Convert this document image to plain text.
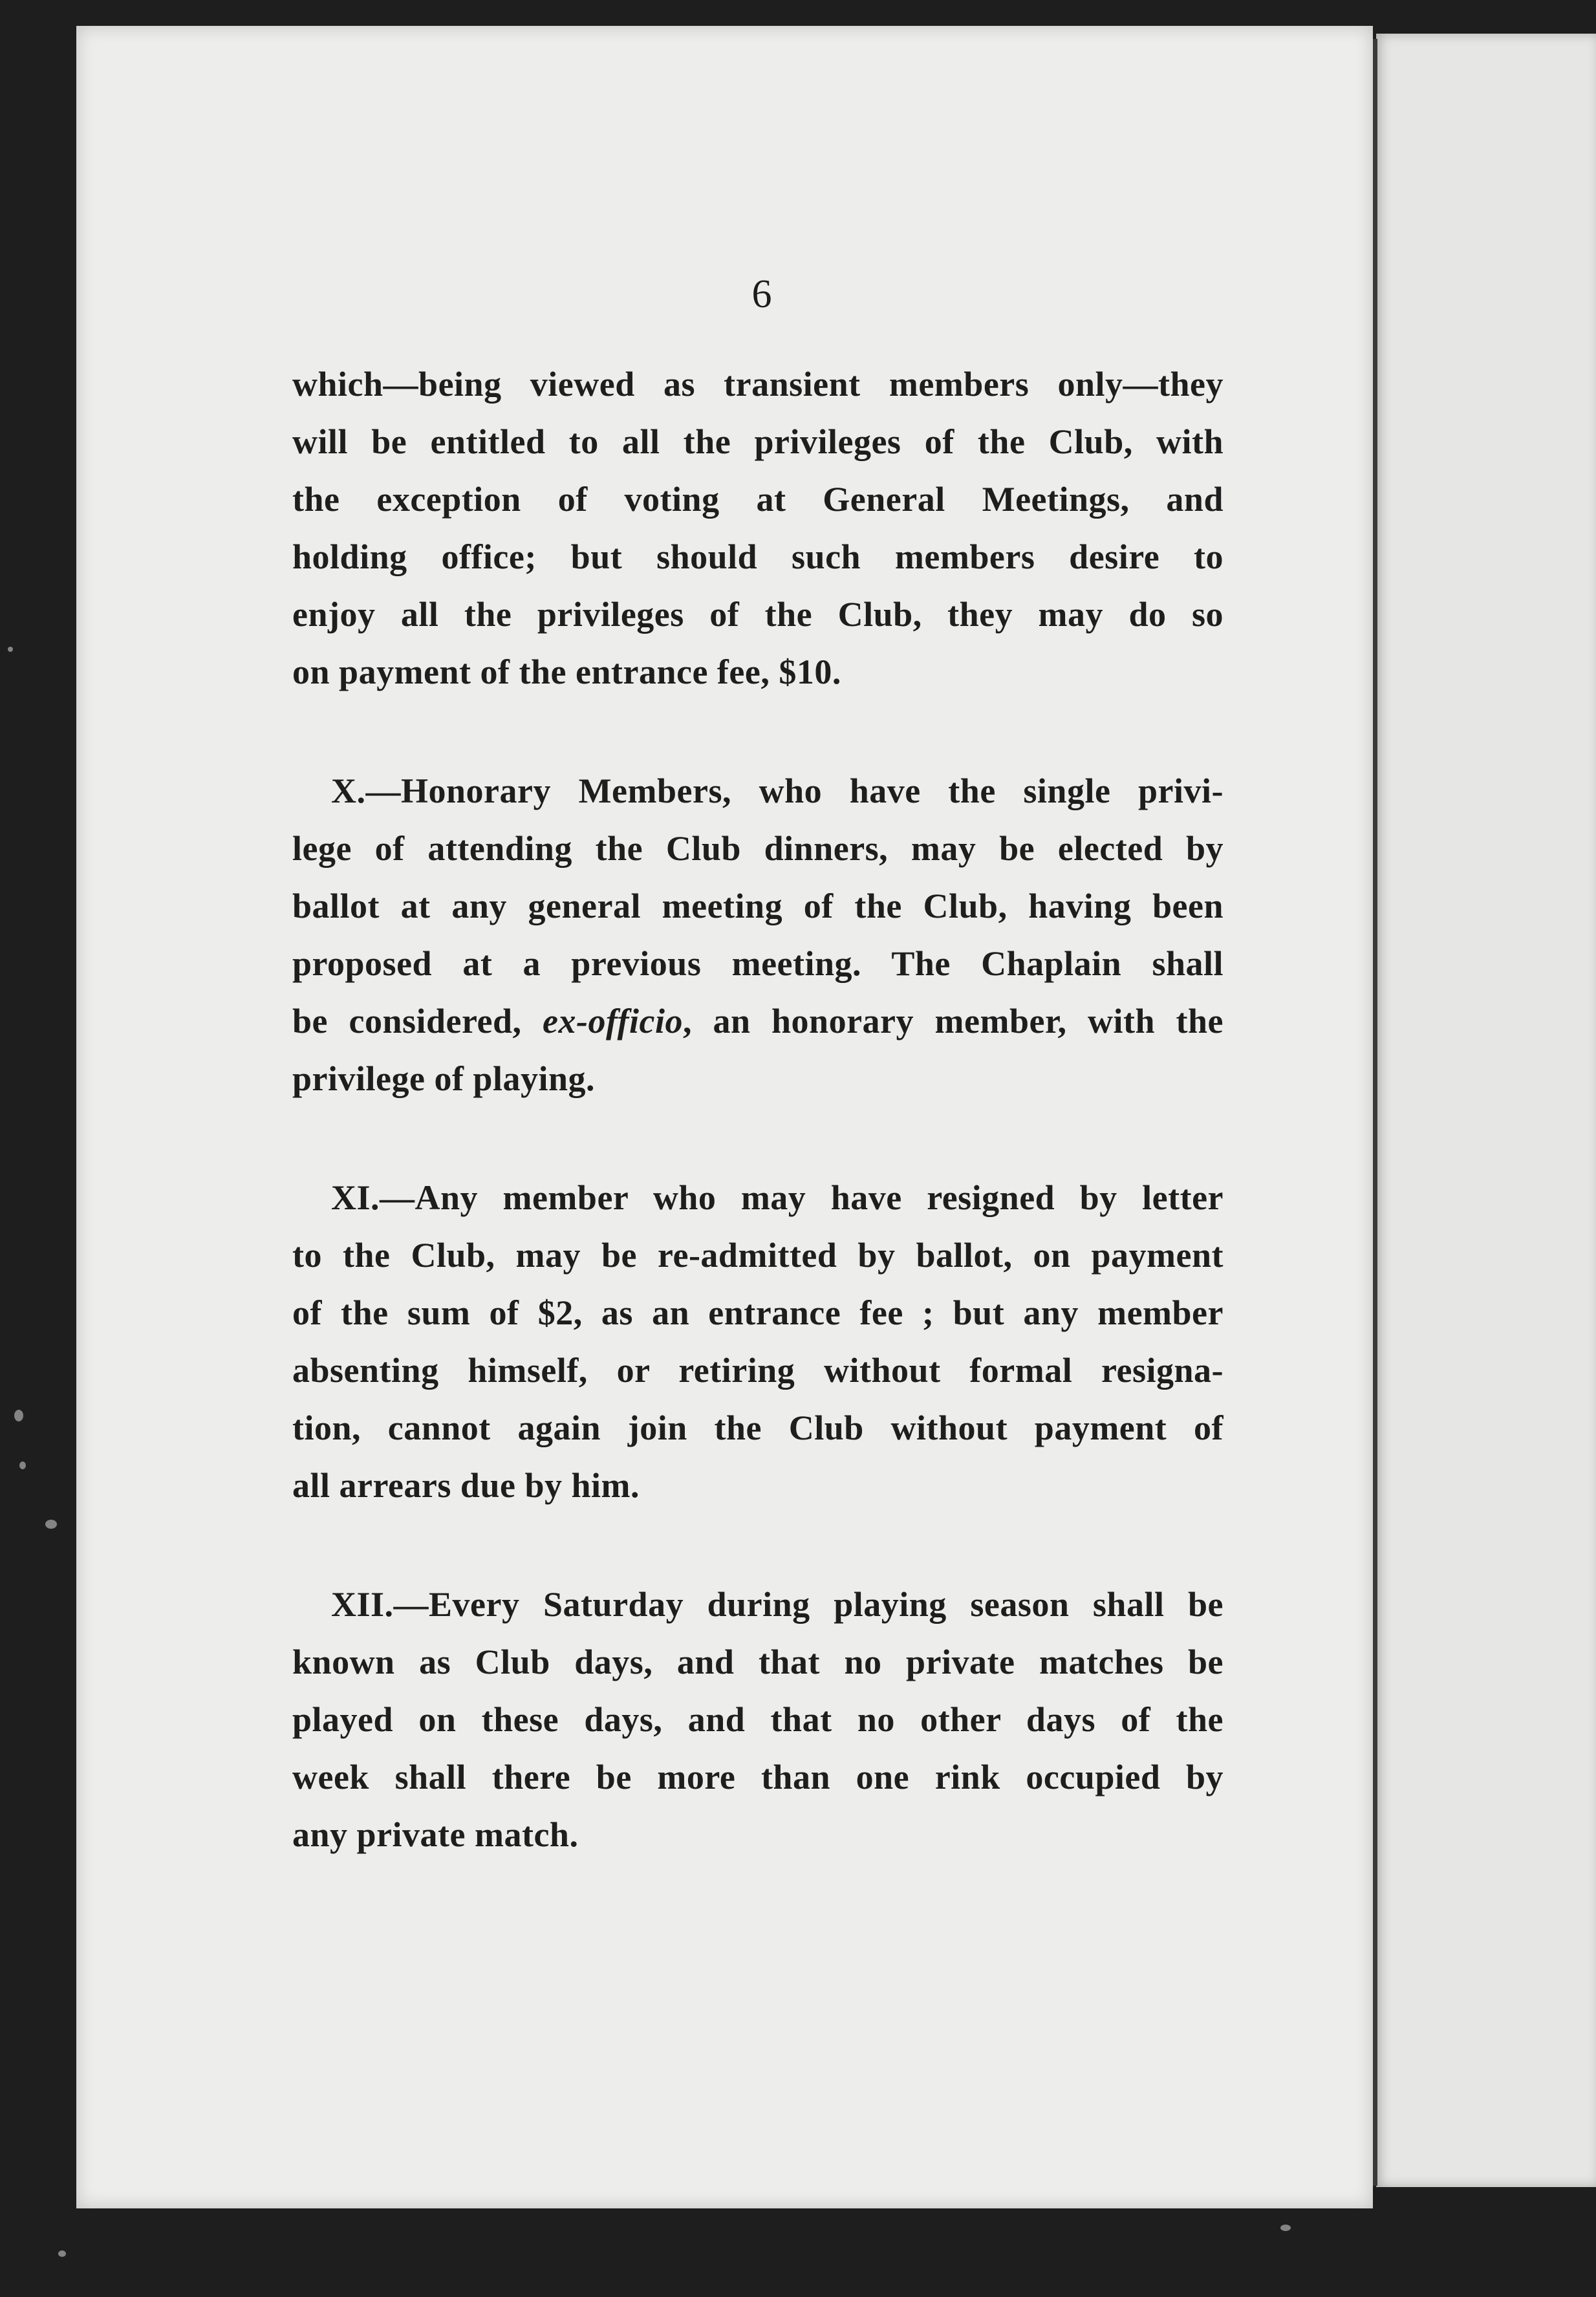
6
which—being viewed as transient members only—they
will be entitled to all the privileges of the Club, with
the exception of voting at General Meetings, and
holding office; but should such members desire to
enjoy all the privileges of the Club, they may do so
on payment of the entrance fee, $10.
X.—Honorary Members, who have the single privi-
lege of attending the Club dinners, may be elected by
ballot at any general meeting of the Club, having been
proposed at a previous meeting. The Chaplain shall
be considered, ex-officio, an honorary member, with the
privilege of playing.
XI.—Any member who may have resigned by letter
to the Club, may be re-admitted by ballot, on payment
of the sum of $2, as an entrance fee ; but any member
absenting himself, or retiring without formal resigna-
tion, cannot again join the Club without payment of
all arrears due by him.
XII.—Every Saturday during playing season shall be
known as Club days, and that no private matches be
played on these days, and that no other days of the
week shall there be more than one rink occupied by
any private match.
